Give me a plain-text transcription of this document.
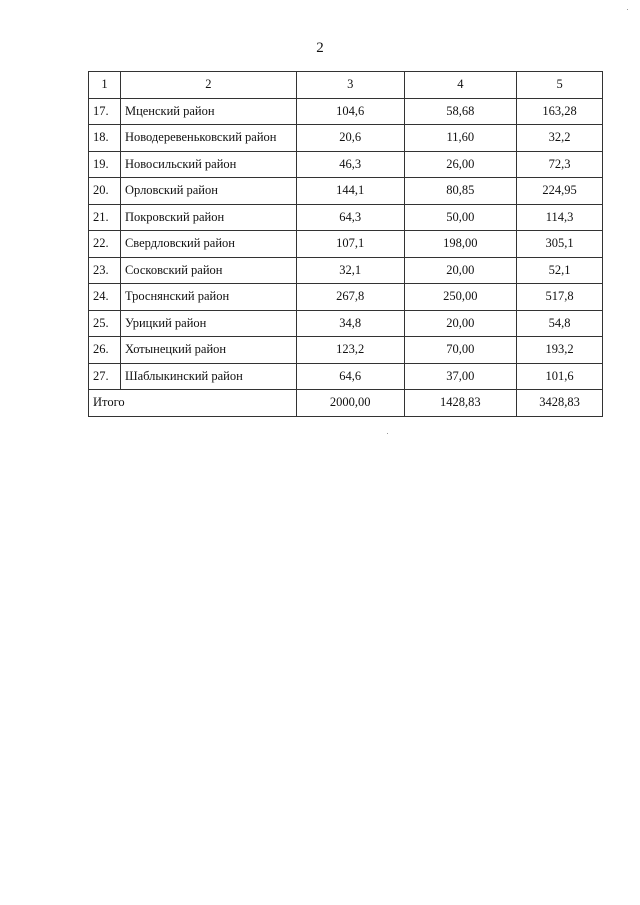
2
1	2	3	4	5
17.	Мценский район	104,6	58,68	163,28
18.	Новодеревеньковский район	20,6	11,60	32,2
19.	Новосильский район	46,3	26,00	72,3
20.	Орловский район	144,1	80,85	224,95
21.	Покровский район	64,3	50,00	114,3
22.	Свердловский район	107,1	198,00	305,1
23.	Сосковский район	32,1	20,00	52,1
24.	Троснянский район	267,8	250,00	517,8
25.	Урицкий район	34,8	20,00	54,8
26.	Хотынецкий район	123,2	70,00	193,2
27.	Шаблыкинский район	64,6	37,00	101,6
Итого		2000,00	1428,83	3428,83
